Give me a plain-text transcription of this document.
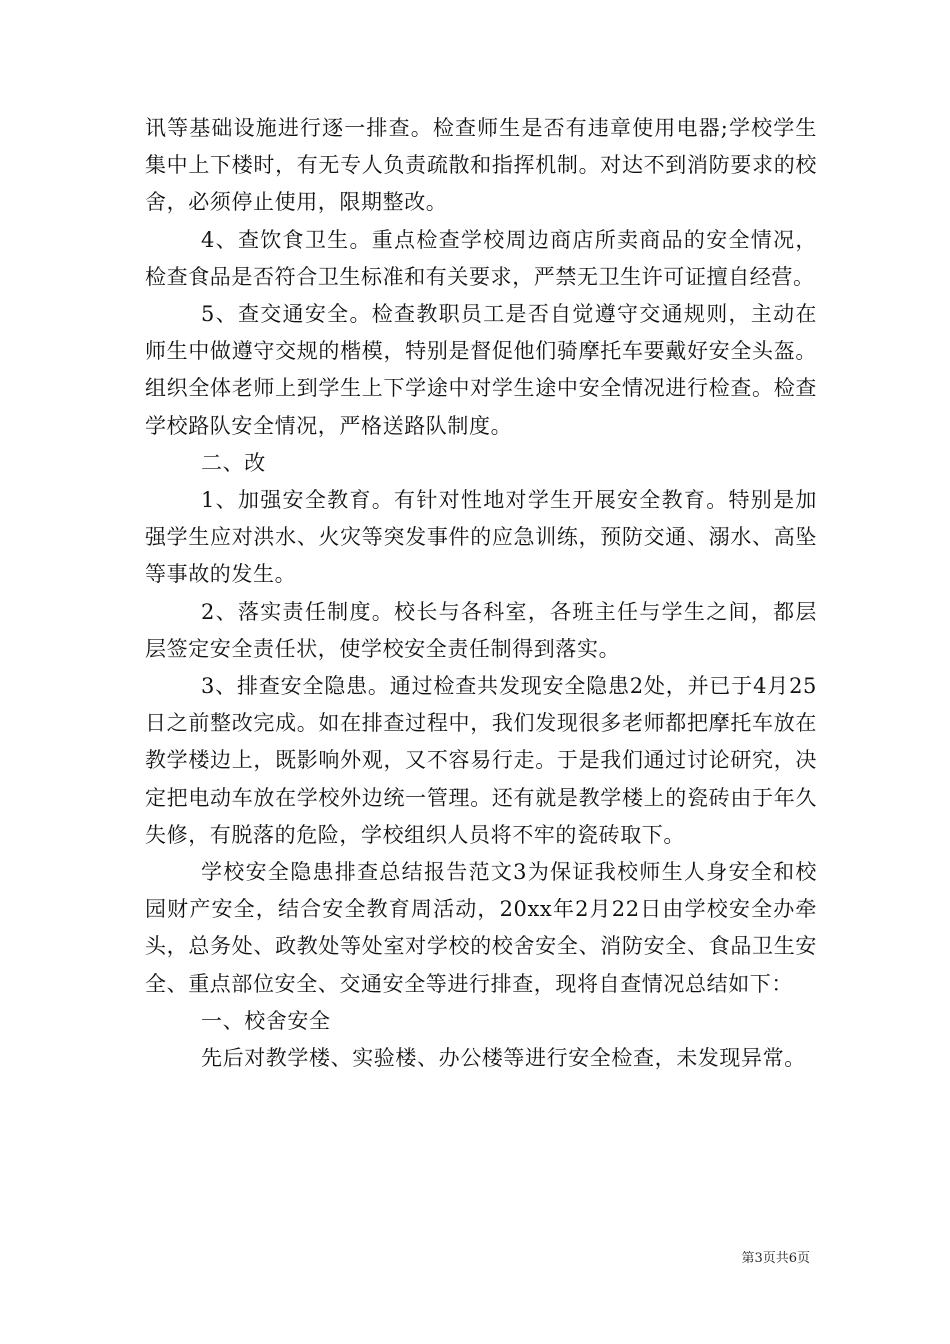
讯等基础设施进行逐一排查。检查师生是否有违章使用电器;学校学生集中上下楼时，有无专人负责疏散和指挥机制。对达不到消防要求的校舍，必须停止使用，限期整改。

4、查饮食卫生。重点检查学校周边商店所卖商品的安全情况，检查食品是否符合卫生标准和有关要求，严禁无卫生许可证擅自经营。

5、查交通安全。检查教职员工是否自觉遵守交通规则，主动在师生中做遵守交规的楷模，特别是督促他们骑摩托车要戴好安全头盔。组织全体老师上到学生上下学途中对学生途中安全情况进行检查。检查学校路队安全情况，严格送路队制度。

二、改

1、加强安全教育。有针对性地对学生开展安全教育。特别是加强学生应对洪水、火灾等突发事件的应急训练，预防交通、溺水、高坠等事故的发生。

2、落实责任制度。校长与各科室，各班主任与学生之间，都层层签定安全责任状，使学校安全责任制得到落实。

3、排查安全隐患。通过检查共发现安全隐患2处，并已于4月25日之前整改完成。如在排查过程中，我们发现很多老师都把摩托车放在教学楼边上，既影响外观，又不容易行走。于是我们通过讨论研究，决定把电动车放在学校外边统一管理。还有就是教学楼上的瓷砖由于年久失修，有脱落的危险，学校组织人员将不牢的瓷砖取下。

学校安全隐患排查总结报告范文3为保证我校师生人身安全和校园财产安全，结合安全教育周活动，20xx年2月22日由学校安全办牵头，总务处、政教处等处室对学校的校舍安全、消防安全、食品卫生安全、重点部位安全、交通安全等进行排查，现将自查情况总结如下：

一、校舍安全

先后对教学楼、实验楼、办公楼等进行安全检查，未发现异常。

第3页共6页
